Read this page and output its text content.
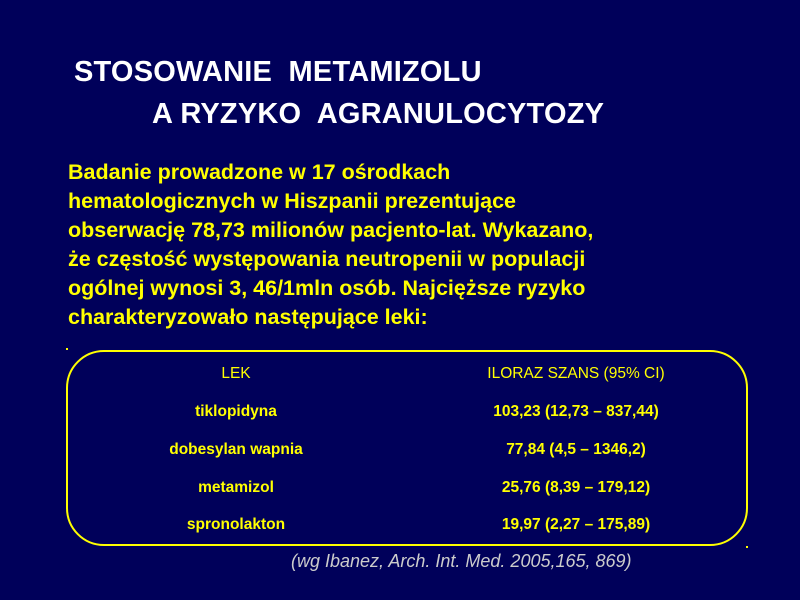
STOSOWANIE  METAMIZOLU
A RYZYKO  AGRANULOCYTOZY
Badanie prowadzone w 17 ośrodkach
hematologicznych w Hiszpanii prezentujące
obserwację 78,73 milionów pacjento-lat. Wykazano,
że częstość występowania neutropenii w populacji
ogólnej wynosi 3, 46/1mln osób. Najcięższe ryzyko
charakteryzowało następujące leki:
LEK	ILORAZ SZANS (95% CI)
tiklopidyna	103,23 (12,73 – 837,44)
dobesylan wapnia	77,84 (4,5 – 1346,2)
metamizol	25,76 (8,39 – 179,12)
spronolakton	19,97 (2,27 – 175,89)
(wg Ibanez, Arch. Int. Med. 2005,165, 869)
